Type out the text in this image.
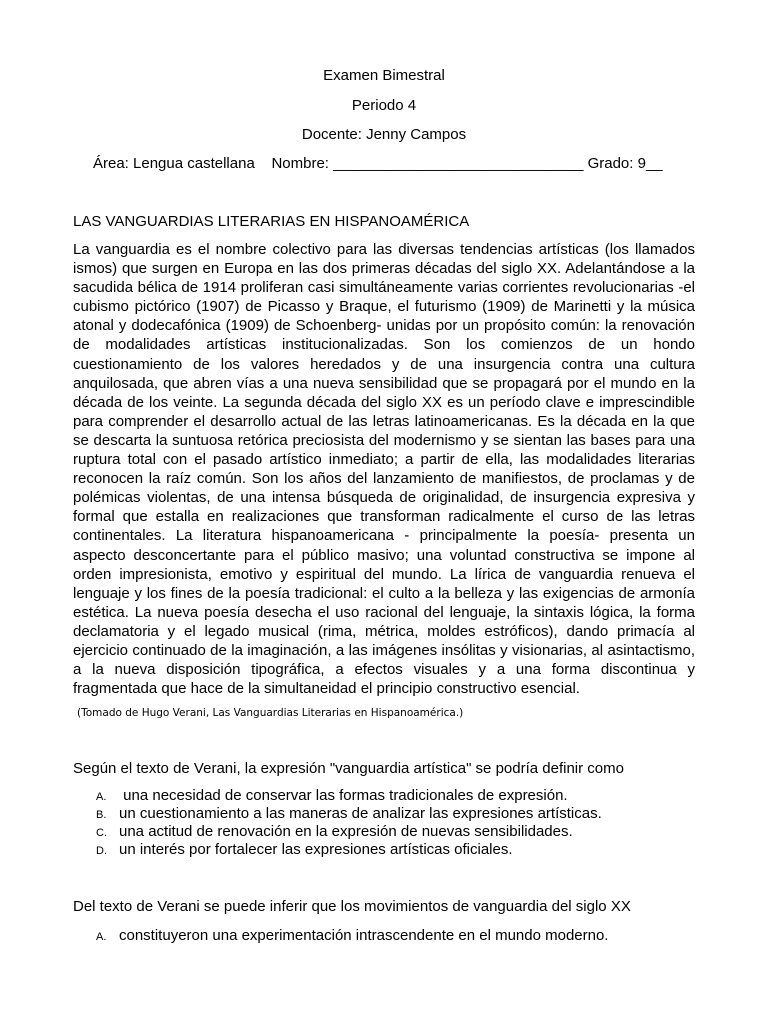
Examen Bimestral
Periodo 4
Docente: Jenny Campos
Área: Lengua castellana    Nombre: ______________________________ Grado: 9__
LAS VANGUARDIAS LITERARIAS EN HISPANOAMÉRICA
La vanguardia es el nombre colectivo para las diversas tendencias artísticas (los llamados ismos) que surgen en Europa en las dos primeras décadas del siglo XX. Adelantándose a la sacudida bélica de 1914 proliferan casi simultáneamente varias corrientes revolucionarias -el cubismo pictórico (1907) de Picasso y Braque, el futurismo (1909) de Marinetti y la música atonal y dodecafónica (1909) de Schoenberg- unidas por un propósito común: la renovación de modalidades artísticas institucionalizadas. Son los comienzos de un hondo cuestionamiento de los valores heredados y de una insurgencia contra una cultura anquilosada, que abren vías a una nueva sensibilidad que se propagará por el mundo en la década de los veinte. La segunda década del siglo XX es un período clave e imprescindible para comprender el desarrollo actual de las letras latinoamericanas. Es la década en la que se descarta la suntuosa retórica preciosista del modernismo y se sientan las bases para una ruptura total con el pasado artístico inmediato; a partir de ella, las modalidades literarias reconocen la raíz común. Son los años del lanzamiento de manifiestos, de proclamas y de polémicas violentas, de una intensa búsqueda de originalidad, de insurgencia expresiva y formal que estalla en realizaciones que transforman radicalmente el curso de las letras continentales. La literatura hispanoamericana - principalmente la poesía- presenta un aspecto desconcertante para el público masivo; una voluntad constructiva se impone al orden impresionista, emotivo y espiritual del mundo. La lírica de vanguardia renueva el lenguaje y los fines de la poesía tradicional: el culto a la belleza y las exigencias de armonía estética. La nueva poesía desecha el uso racional del lenguaje, la sintaxis lógica, la forma declamatoria y el legado musical (rima, métrica, moldes estróficos), dando primacía al ejercicio continuado de la imaginación, a las imágenes insólitas y visionarias, al asintactismo, a la nueva disposición tipográfica, a efectos visuales y a una forma discontinua y fragmentada que hace de la simultaneidad el principio constructivo esencial.
(Tomado de Hugo Verani, Las Vanguardias Literarias en Hispanoamérica.)
Según el texto de Verani, la expresión "vanguardia artística" se podría definir como
A. una necesidad de conservar las formas tradicionales de expresión.
B. un cuestionamiento a las maneras de analizar las expresiones artísticas.
C. una actitud de renovación en la expresión de nuevas sensibilidades.
D. un interés por fortalecer las expresiones artísticas oficiales.
Del texto de Verani se puede inferir que los movimientos de vanguardia del siglo XX
A. constituyeron una experimentación intrascendente en el mundo moderno.
